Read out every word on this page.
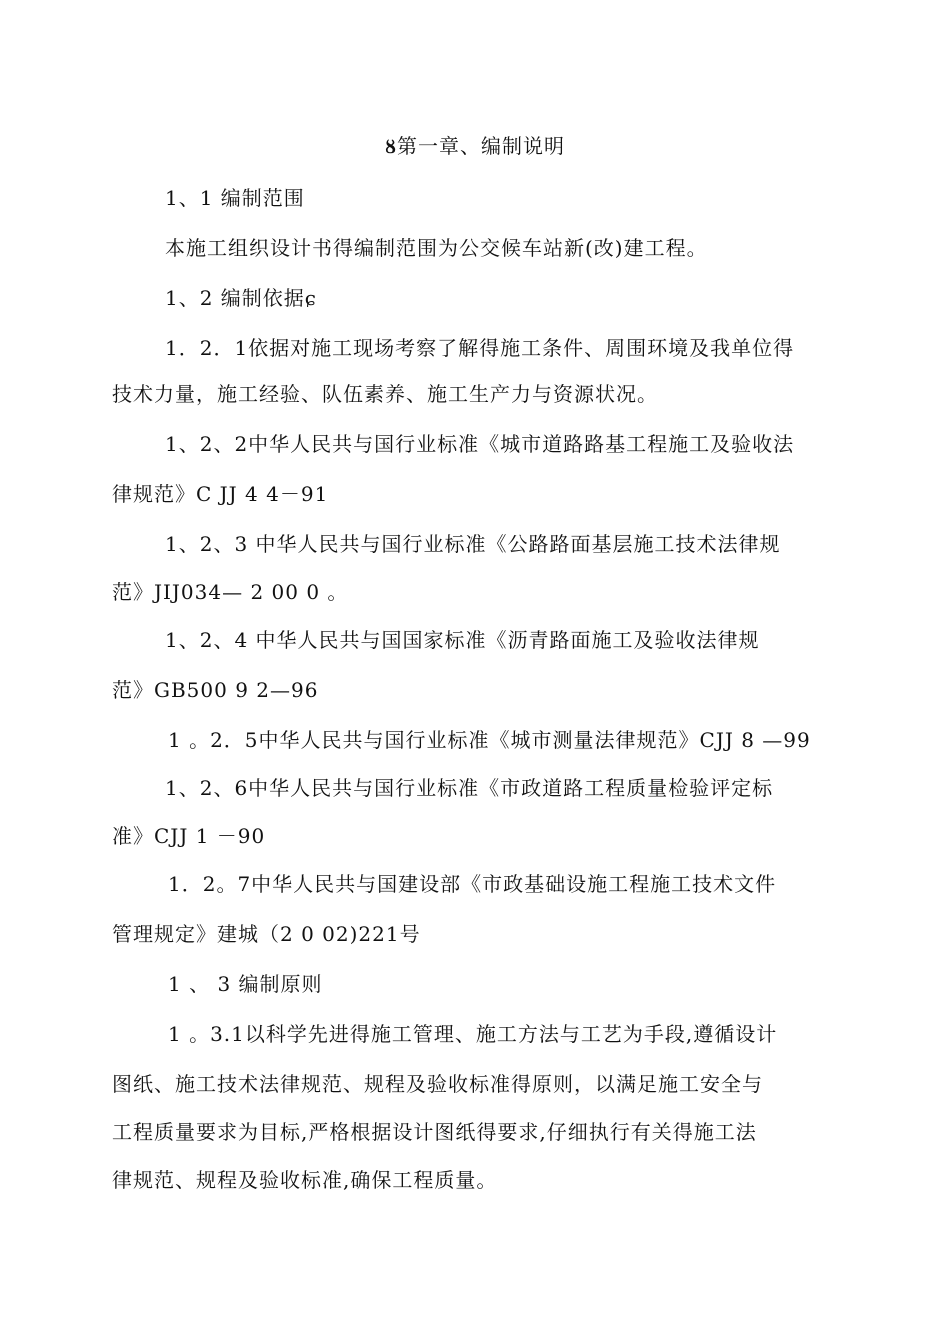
ȣ第一章、编制说明
1、1 编制范围
本施工组织设计书得编制范围为公交候车站新(改)建工程。
1、2 编制依据ɕ
1．2．1依据对施工现场考察了解得施工条件、周围环境及我单位得
技术力量，施工经验、队伍素养、施工生产力与资源状况。
1、2、2中华人民共与国行业标准《城市道路路基工程施工及验收法
律规范》C JJ 4 4－91
1、2、3 中华人民共与国行业标准《公路路面基层施工技术法律规
范》JIJ034— 2 00 0 。
1、2、4 中华人民共与国国家标准《沥青路面施工及验收法律规
范》GB500 9 2—96
1 。2．5中华人民共与国行业标准《城市测量法律规范》CJJ 8 —99
1、2、6中华人民共与国行业标准《市政道路工程质量检验评定标
准》CJJ 1 －90
1．2。7中华人民共与国建设部《市政基础设施工程施工技术文件
管理规定》建城（2 0 02)221号
1 、 3 编制原则
1 。3.1以科学先进得施工管理、施工方法与工艺为手段,遵循设计
图纸、施工技术法律规范、规程及验收标准得原则，以满足施工安全与
工程质量要求为目标,严格根据设计图纸得要求,仔细执行有关得施工法
律规范、规程及验收标准,确保工程质量。
